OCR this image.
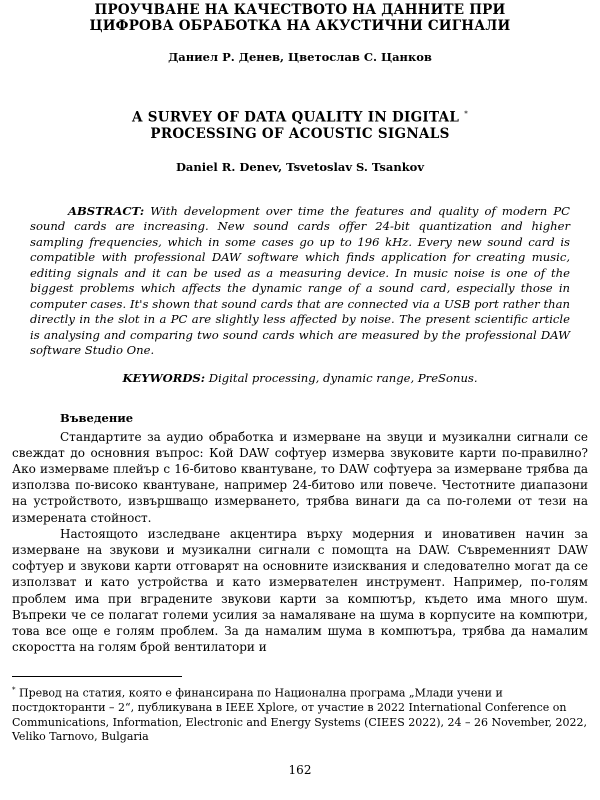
ПРОУЧВАНЕ НА КАЧЕСТВОТО НА ДАННИТЕ ПРИ
ЦИФРОВА ОБРАБОТКА НА АКУСТИЧНИ СИГНАЛИ
Даниел Р. Денев, Цветослав С. Цанков
A SURVEY OF DATA QUALITY IN DIGITAL *
PROCESSING OF ACOUSTIC SIGNALS
Daniel R. Denev, Tsvetoslav S. Tsankov
ABSTRACT: With development over time the features and quality of modern PC sound cards are increasing. New sound cards offer 24-bit quantization and higher sampling frequencies, which in some cases go up to 196 kHz. Every new sound card is compatible with professional DAW software which finds application for creating music, editing signals and it can be used as a measuring device. In music noise is one of the biggest problems which affects the dynamic range of a sound card, especially those in computer cases. It's shown that sound cards that are connected via a USB port rather than directly in the slot in a PC are slightly less affected by noise. The present scientific article is analysing and comparing two sound cards which are measured by the professional DAW software Studio One.
KEYWORDS: Digital processing, dynamic range, PreSonus.
Въведение

Стандартите за аудио обработка и измерване на звуци и музикални сигнали се свеждат до основния въпрос: Кой DAW софтуер измерва звуковите карти по-правилно? Ако измерваме плейър с 16-битово квантуване, то DAW софтуера за измерване трябва да използва по-високо квантуване, например 24-битово или повече. Честотните диапазони на устройството, извършващо измерването, трябва винаги да са по-големи от тези на измерената стойност.

Настоящото изследване акцентира върху модерния и иновативен начин за измерване на звукови и музикални сигнали с помощта на DAW. Съвременният DAW софтуер и звукови карти отговарят на основните изисквания и следователно могат да се използват и като устройства и като измервателен инструмент. Например, по-голям проблем има при вградените звукови карти за компютър, където има много шум. Въпреки че се полагат големи усилия за намаляване на шума в корпусите на компютри, това все още е голям проблем. За да намалим шума в компютъра, трябва да намалим скоростта на голям брой вентилатори и

* Превод на статия, която е финансирана по Национална програма „Млади учени и постдокторанти – 2“, публикувана в IEEE Xplore, от участие в 2022 International Conference on Communications, Information, Electronic and Energy Systems (CIEES 2022), 24 – 26 November, 2022, Veliko Tarnovo, Bulgaria
162
